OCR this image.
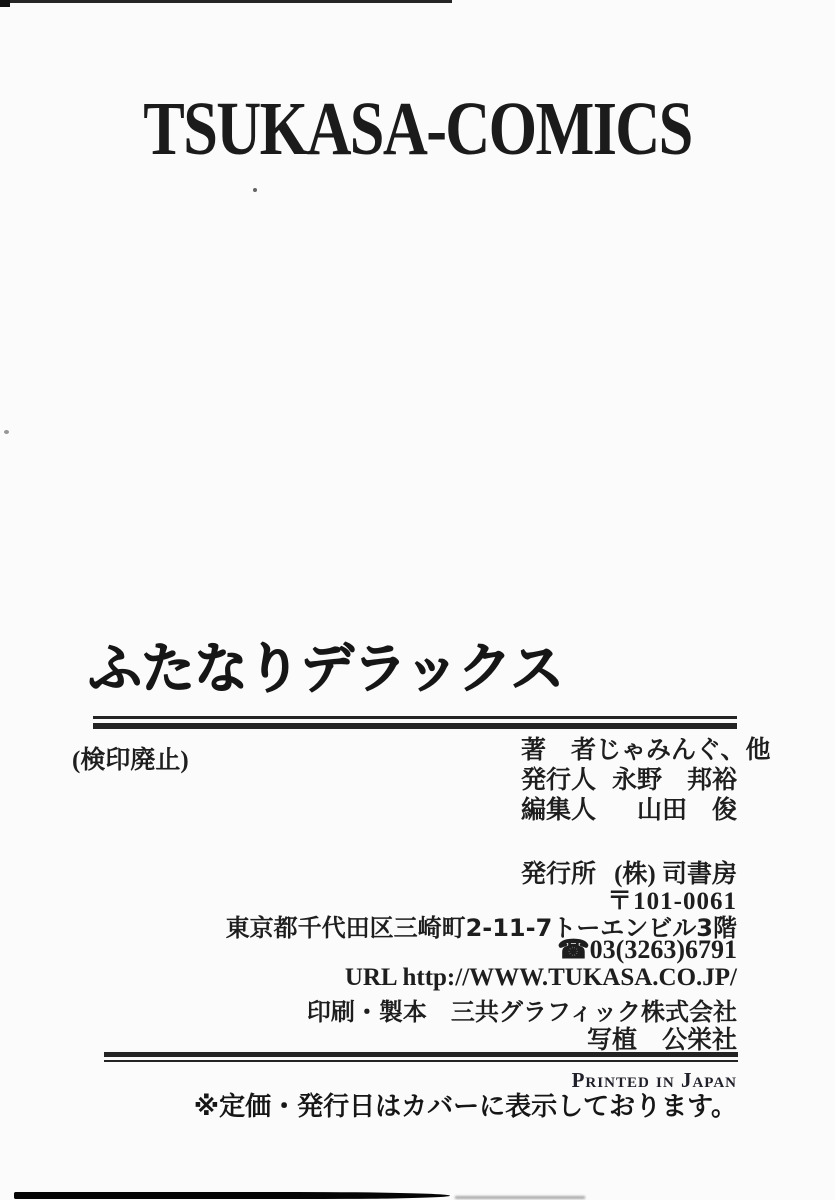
TSUKASA-COMICS
ふたなりデラックス
(検印廃止)	著　者 じゃみんぐ、他
発行人 永野　邦裕
編集人 山田　俊
発行所 (株) 司書房
〒101-0061
東京都千代田区三崎町2-11-7トーエンビル3階
☎03(3263)6791
URL http://WWW.TUKASA.CO.JP/
印刷・製本　三共グラフィック株式会社
写植　公栄社
Printed in Japan
※定価・発行日はカバーに表示しております。
